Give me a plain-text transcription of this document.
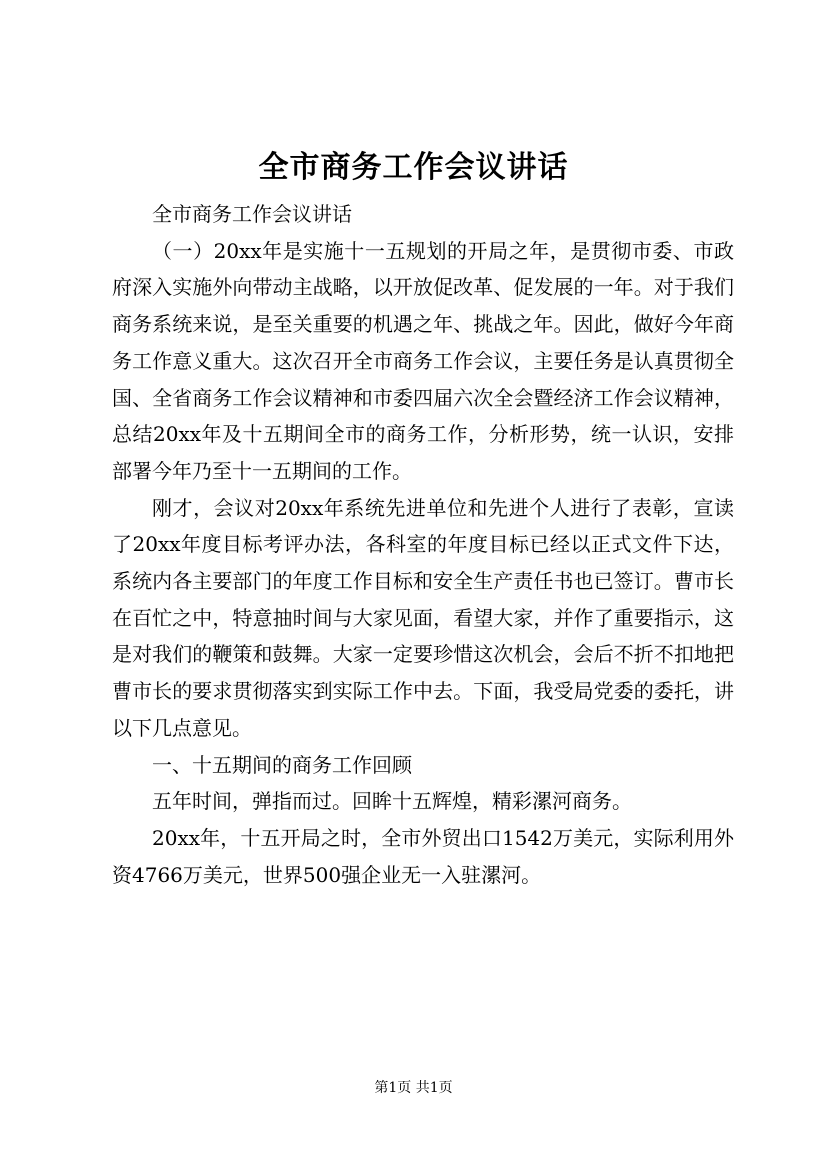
全市商务工作会议讲话

全市商务工作会议讲话

（一）20xx年是实施十一五规划的开局之年，是贯彻市委、市政府深入实施外向带动主战略，以开放促改革、促发展的一年。对于我们商务系统来说，是至关重要的机遇之年、挑战之年。因此，做好今年商务工作意义重大。这次召开全市商务工作会议，主要任务是认真贯彻全国、全省商务工作会议精神和市委四届六次全会暨经济工作会议精神，总结20xx年及十五期间全市的商务工作，分析形势，统一认识，安排部署今年乃至十一五期间的工作。

刚才，会议对20xx年系统先进单位和先进个人进行了表彰，宣读了20xx年度目标考评办法，各科室的年度目标已经以正式文件下达，系统内各主要部门的年度工作目标和安全生产责任书也已签订。曹市长在百忙之中，特意抽时间与大家见面，看望大家，并作了重要指示，这是对我们的鞭策和鼓舞。大家一定要珍惜这次机会，会后不折不扣地把曹市长的要求贯彻落实到实际工作中去。下面，我受局党委的委托，讲以下几点意见。

一、十五期间的商务工作回顾

五年时间，弹指而过。回眸十五辉煌，精彩漯河商务。

20xx年，十五开局之时，全市外贸出口1542万美元，实际利用外资4766万美元，世界500强企业无一入驻漯河。

第1页 共1页
